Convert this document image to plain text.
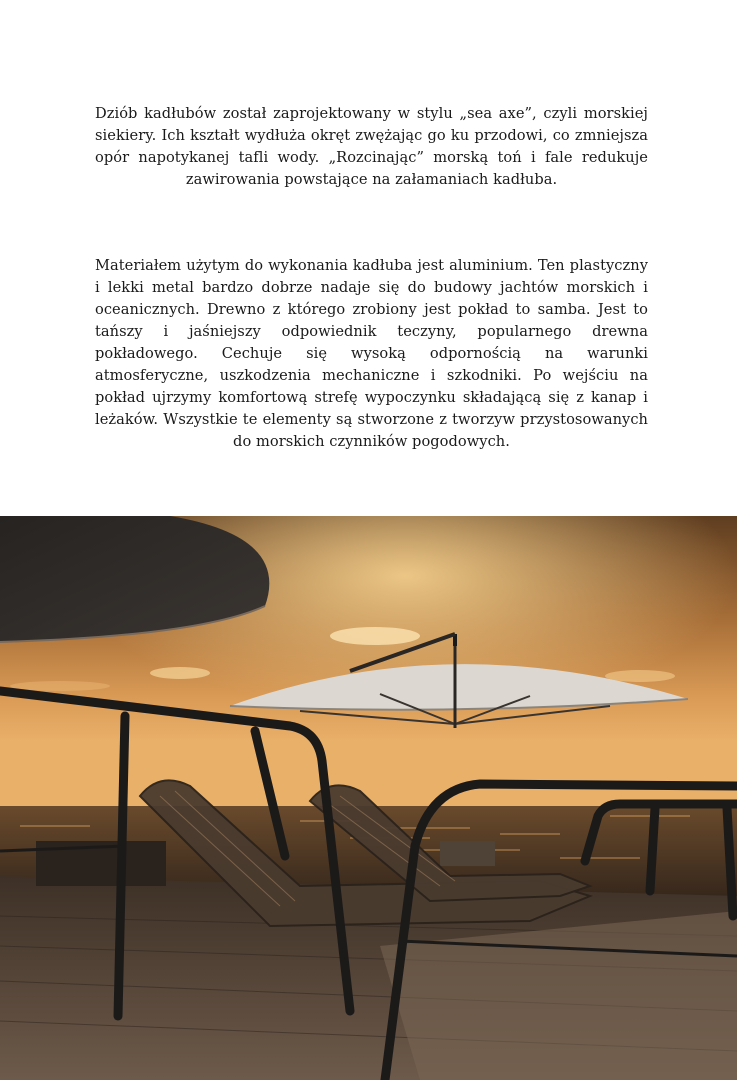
Dziób kadłubów został zaprojektowany w stylu „sea axe”, czyli morskiej siekiery. Ich kształt wydłuża okręt zwężając go ku przodowi, co zmniejsza opór napotykanej tafli wody. „Rozcinając” morską toń i fale redukuje zawirowania powstające na załamaniach kadłuba.

Materiałem użytym do wykonania kadłuba jest aluminium. Ten plastyczny i lekki metal bardzo dobrze nadaje się do budowy jachtów morskich i oceanicznych. Drewno z którego zrobiony jest pokład to samba. Jest to tańszy i jaśniejszy odpowiednik teczyny, popularnego drewna pokładowego. Cechuje się wysoką odpornością na warunki atmosferyczne, uszkodzenia mechaniczne i szkodniki. Po wejściu na pokład ujrzymy komfortową strefę wypoczynku składającą się z kanap i leżaków. Wszystkie te elementy są stworzone z tworzyw przystosowanych do morskich czynników pogodowych.
